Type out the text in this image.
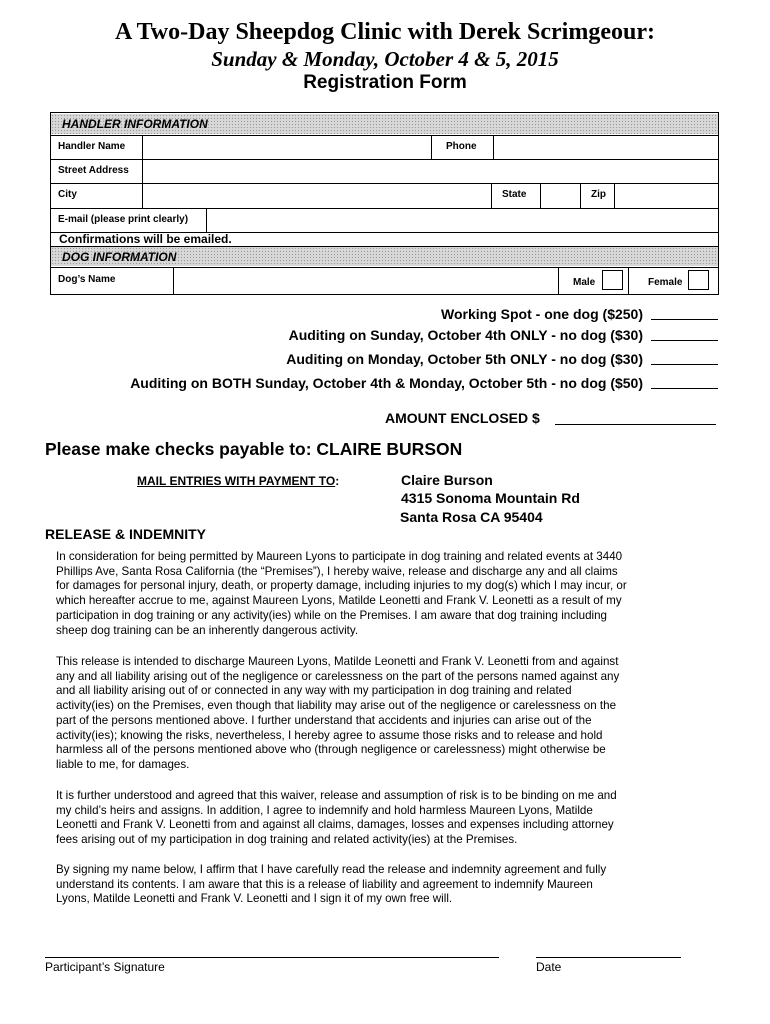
A Two-Day Sheepdog Clinic with Derek Scrimgeour:
Sunday & Monday, October 4 & 5, 2015
Registration Form
HANDLER INFORMATION
Handler Name	Phone
Street Address
City	State	Zip
E-mail (please print clearly)
Confirmations will be emailed.
DOG INFORMATION
Dog’s Name	Male	Female
Working Spot - one dog ($250)
Auditing on Sunday, October 4th ONLY - no dog ($30)
Auditing on Monday, October 5th ONLY - no dog ($30)
Auditing on BOTH Sunday, October 4th & Monday, October 5th - no dog ($50)
AMOUNT ENCLOSED $
Please make checks payable to: CLAIRE BURSON
MAIL ENTRIES WITH PAYMENT TO:	Claire Burson
4315 Sonoma Mountain Rd
Santa Rosa CA 95404
RELEASE & INDEMNITY
In consideration for being permitted by Maureen Lyons to participate in dog training and related events at 3440
Phillips Ave, Santa Rosa California (the “Premises”), I hereby waive, release and discharge any and all claims
for damages for personal injury, death, or property damage, including injuries to my dog(s) which I may incur, or
which hereafter accrue to me, against Maureen Lyons, Matilde Leonetti and Frank V. Leonetti as a result of my
participation in dog training or any activity(ies) while on the Premises. I am aware that dog training including
sheep dog training can be an inherently dangerous activity.
This release is intended to discharge Maureen Lyons, Matilde Leonetti and Frank V. Leonetti from and against
any and all liability arising out of the negligence or carelessness on the part of the persons named against any
and all liability arising out of or connected in any way with my participation in dog training and related
activity(ies) on the Premises, even though that liability may arise out of the negligence or carelessness on the
part of the persons mentioned above. I further understand that accidents and injuries can arise out of the
activity(ies); knowing the risks, nevertheless, I hereby agree to assume those risks and to release and hold
harmless all of the persons mentioned above who (through negligence or carelessness) might otherwise be
liable to me, for damages.
It is further understood and agreed that this waiver, release and assumption of risk is to be binding on me and
my child’s heirs and assigns. In addition, I agree to indemnify and hold harmless Maureen Lyons, Matilde
Leonetti and Frank V. Leonetti from and against all claims, damages, losses and expenses including attorney
fees arising out of my participation in dog training and related activity(ies) at the Premises.
By signing my name below, I affirm that I have carefully read the release and indemnity agreement and fully
understand its contents. I am aware that this is a release of liability and agreement to indemnify Maureen
Lyons, Matilde Leonetti and Frank V. Leonetti and I sign it of my own free will.
Participant’s Signature	Date
